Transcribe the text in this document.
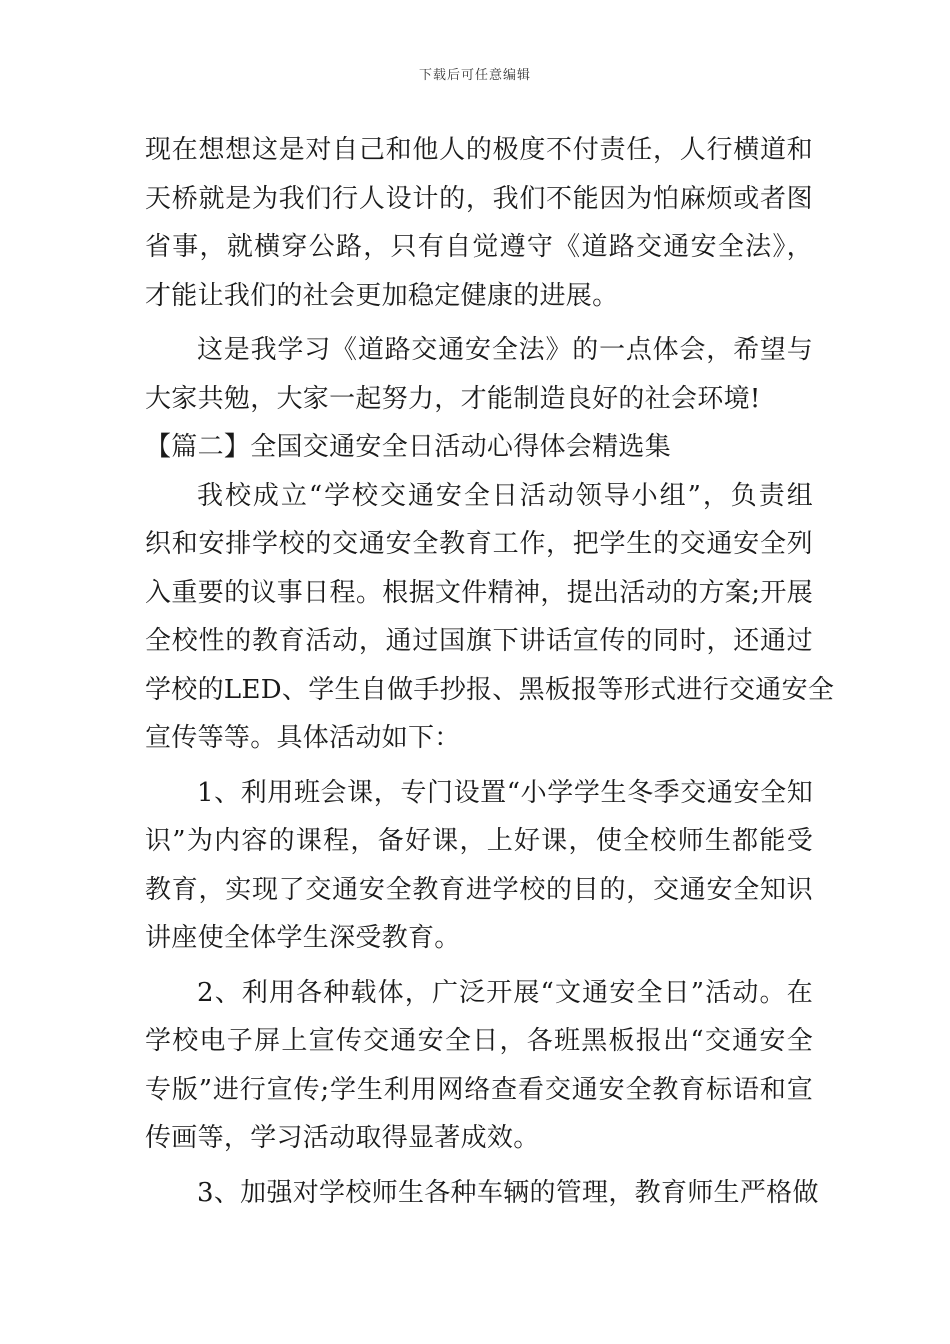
下载后可任意编辑
现在想想这是对自己和他人的极度不付责任，人行横道和
天桥就是为我们行人设计的，我们不能因为怕麻烦或者图
省事，就横穿公路，只有自觉遵守《道路交通安全法》，
才能让我们的社会更加稳定健康的进展。
这是我学习《道路交通安全法》的一点体会，希望与
大家共勉，大家一起努力，才能制造良好的社会环境!
【篇二】全国交通安全日活动心得体会精选集
我校成立“学校交通安全日活动领导小组”，负责组
织和安排学校的交通安全教育工作，把学生的交通安全列
入重要的议事日程。根据文件精神，提出活动的方案;开展
全校性的教育活动，通过国旗下讲话宣传的同时，还通过
学校的LED、学生自做手抄报、黑板报等形式进行交通安全
宣传等等。具体活动如下：
1、利用班会课，专门设置“小学学生冬季交通安全知
识”为内容的课程，备好课，上好课，使全校师生都能受
教育，实现了交通安全教育进学校的目的，交通安全知识
讲座使全体学生深受教育。
2、利用各种载体，广泛开展“文通安全日”活动。在
学校电子屏上宣传交通安全日，各班黑板报出“交通安全
专版”进行宣传;学生利用网络查看交通安全教育标语和宣
传画等，学习活动取得显著成效。
3、加强对学校师生各种车辆的管理，教育师生严格做
